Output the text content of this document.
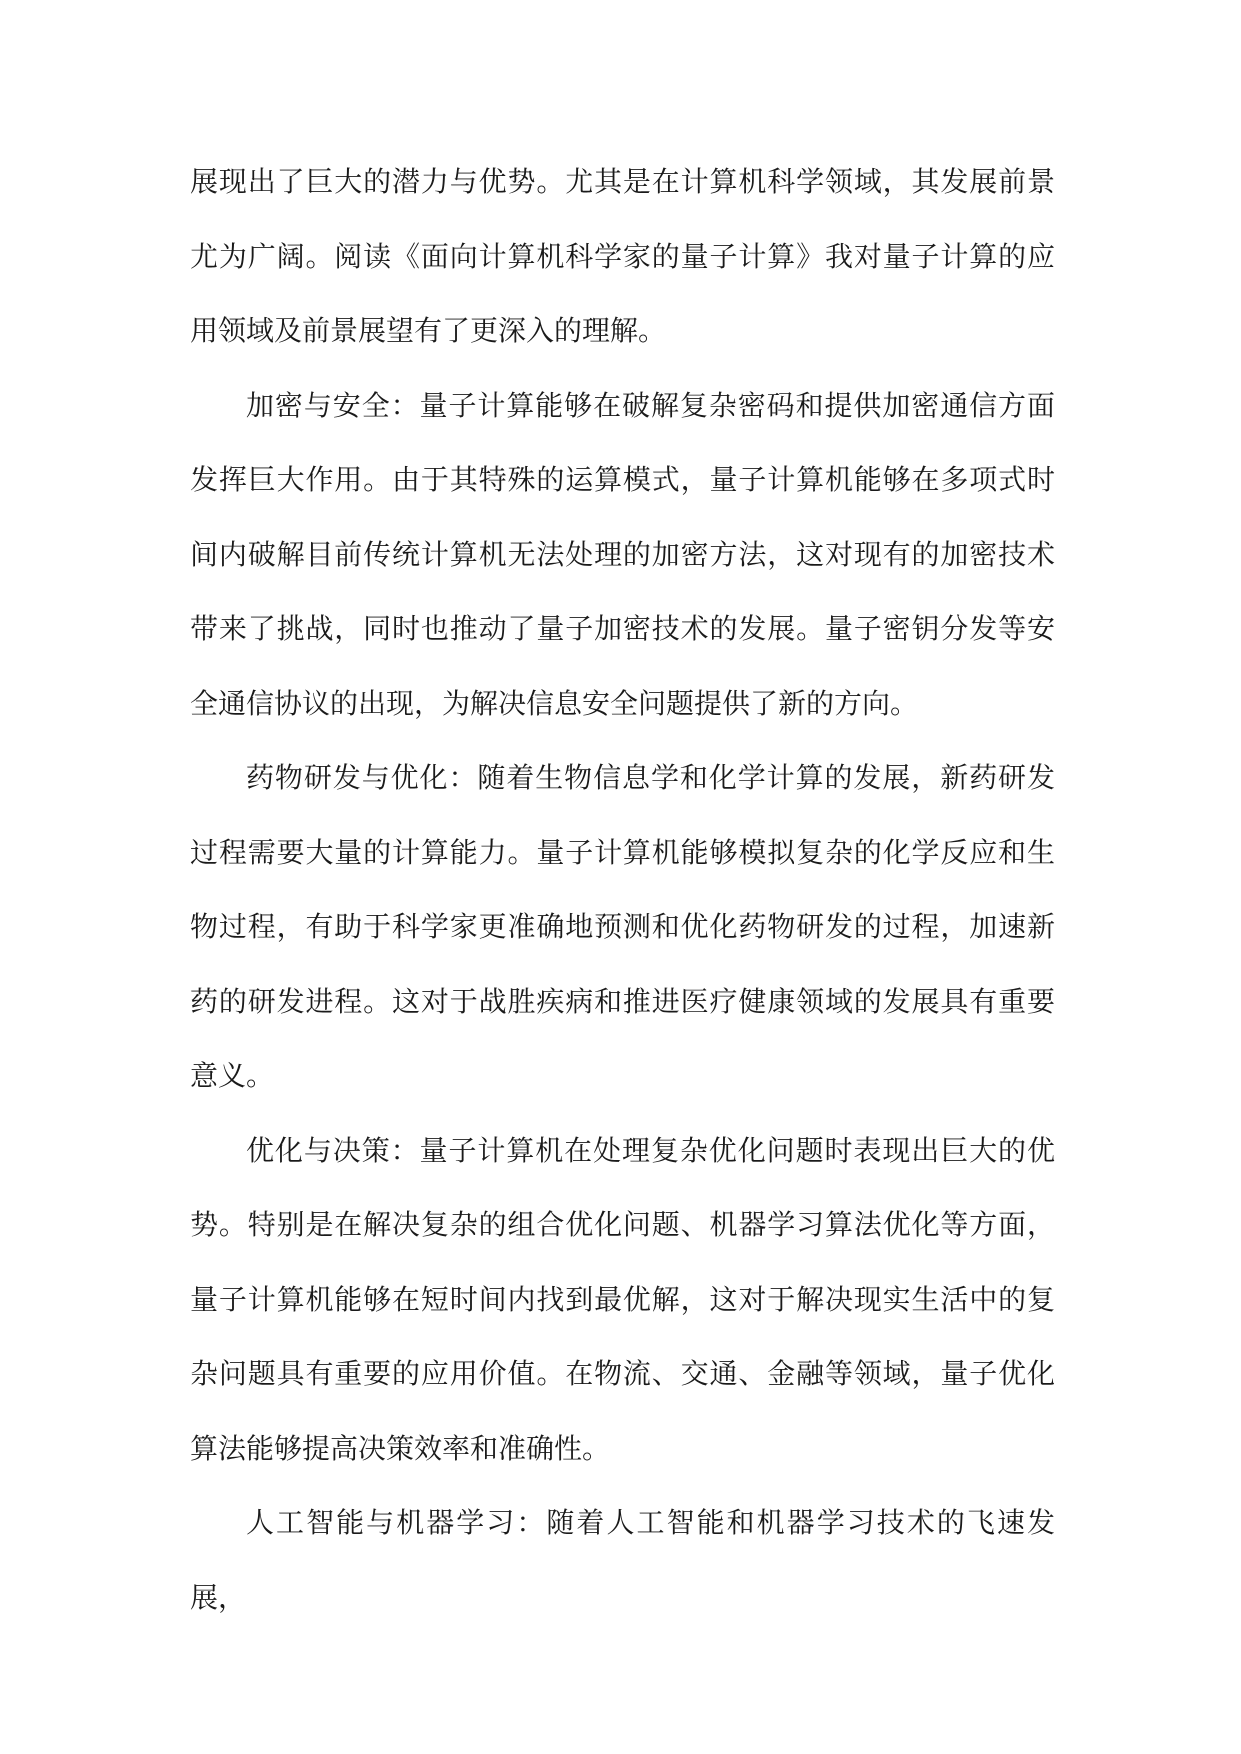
展现出了巨大的潜力与优势。尤其是在计算机科学领域，其发展前景尤为广阔。阅读《面向计算机科学家的量子计算》我对量子计算的应用领域及前景展望有了更深入的理解。

加密与安全：量子计算能够在破解复杂密码和提供加密通信方面发挥巨大作用。由于其特殊的运算模式，量子计算机能够在多项式时间内破解目前传统计算机无法处理的加密方法，这对现有的加密技术带来了挑战，同时也推动了量子加密技术的发展。量子密钥分发等安全通信协议的出现，为解决信息安全问题提供了新的方向。

药物研发与优化：随着生物信息学和化学计算的发展，新药研发过程需要大量的计算能力。量子计算机能够模拟复杂的化学反应和生物过程，有助于科学家更准确地预测和优化药物研发的过程，加速新药的研发进程。这对于战胜疾病和推进医疗健康领域的发展具有重要意义。

优化与决策：量子计算机在处理复杂优化问题时表现出巨大的优势。特别是在解决复杂的组合优化问题、机器学习算法优化等方面，量子计算机能够在短时间内找到最优解，这对于解决现实生活中的复杂问题具有重要的应用价值。在物流、交通、金融等领域，量子优化算法能够提高决策效率和准确性。

人工智能与机器学习：随着人工智能和机器学习技术的飞速发展，
